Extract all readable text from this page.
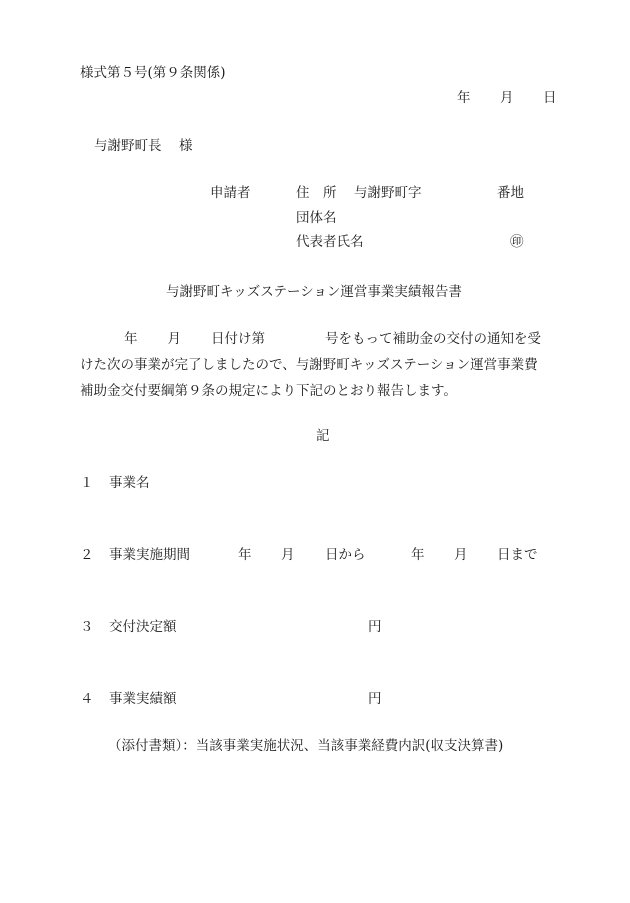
様式第５号(第９条関係)
年 月 日
与謝野町長 様
申請者	住　所 与謝野町字	番地
団体名
代表者氏名	㊞
与謝野町キッズステーション運営事業実績報告書

年 月 日付け第	号をもって補助金の交付の通知を受

けた次の事業が完了しましたので、与謝野町キッズステーション運営事業費

補助金交付要綱第９条の規定により下記のとおり報告します。

記
１ 事業名
２ 事業実施期間	年 月 日から	年 月 日まで
３ 交付決定額	円
４ 事業実績額	円
（添付書類）：当該事業実施状況、当該事業経費内訳(収支決算書)
